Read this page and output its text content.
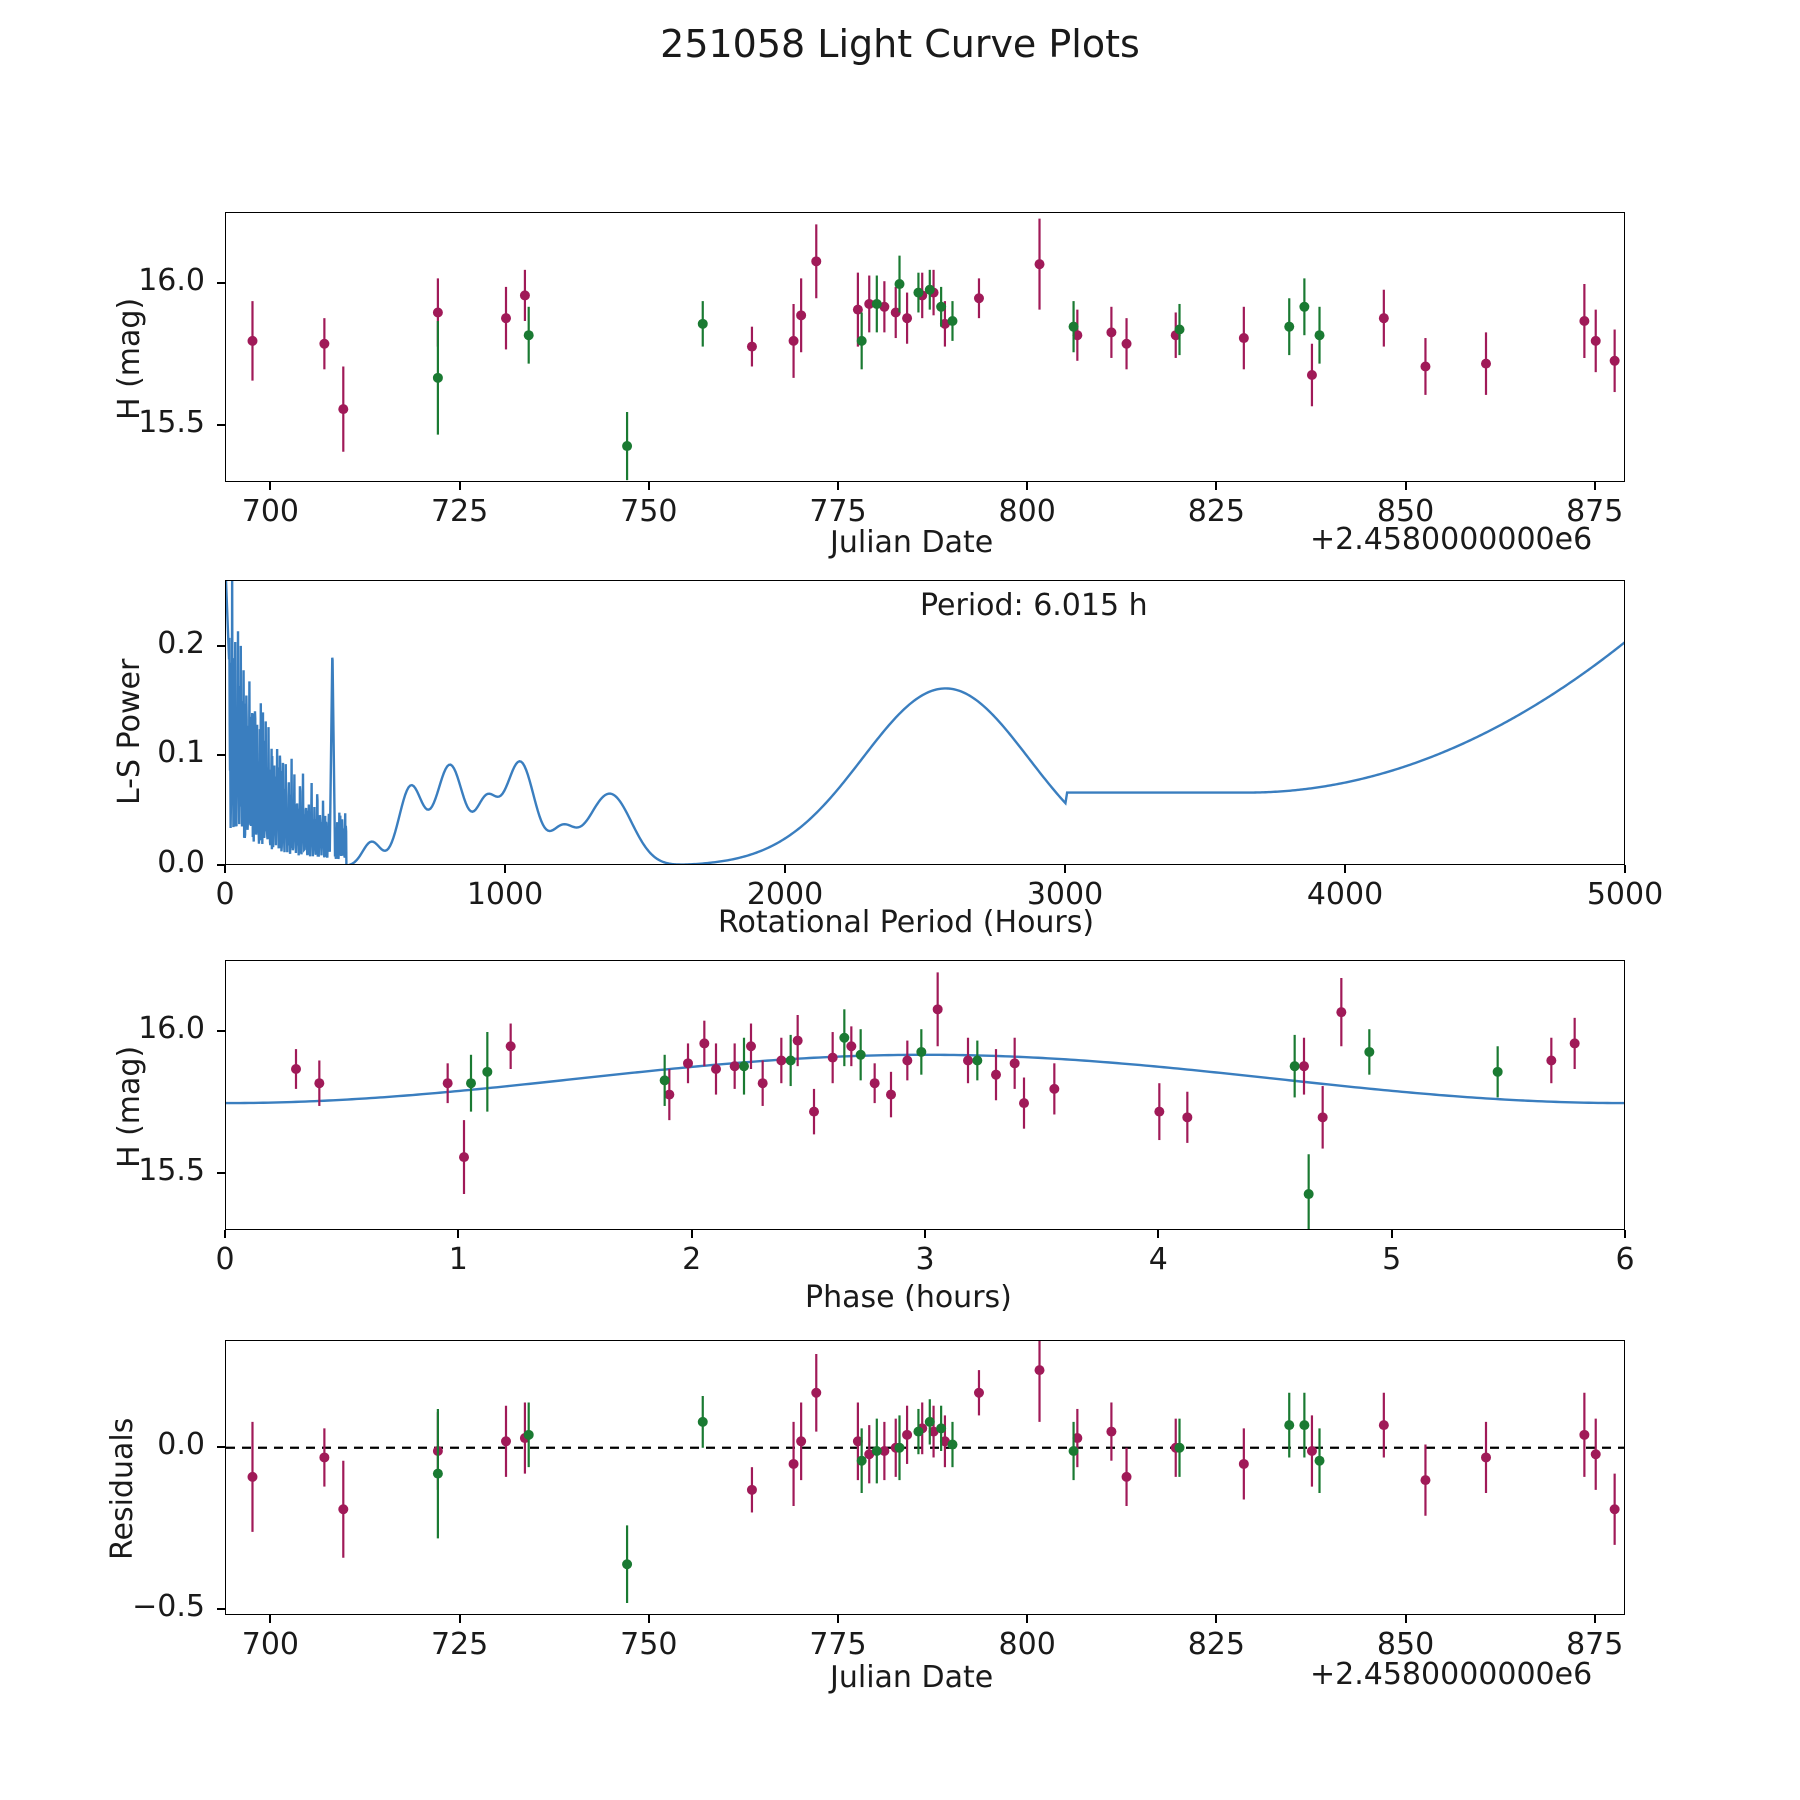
251058 Light Curve Plots
H (mag)
Julian Date	+2.4580000000e6
700	725	750	775	800	825	850	875
15.5
16.0
L-S Power
Rotational Period (Hours)
Period: 6.015 h
0	1000	2000	3000	4000	5000
0.0
0.1
0.2
H (mag)
Phase (hours)
0	1	2	3	4	5	6
15.5
16.0
Residuals
Julian Date	+2.4580000000e6
700	725	750	775	800	825	850	875
−0.5
0.0
